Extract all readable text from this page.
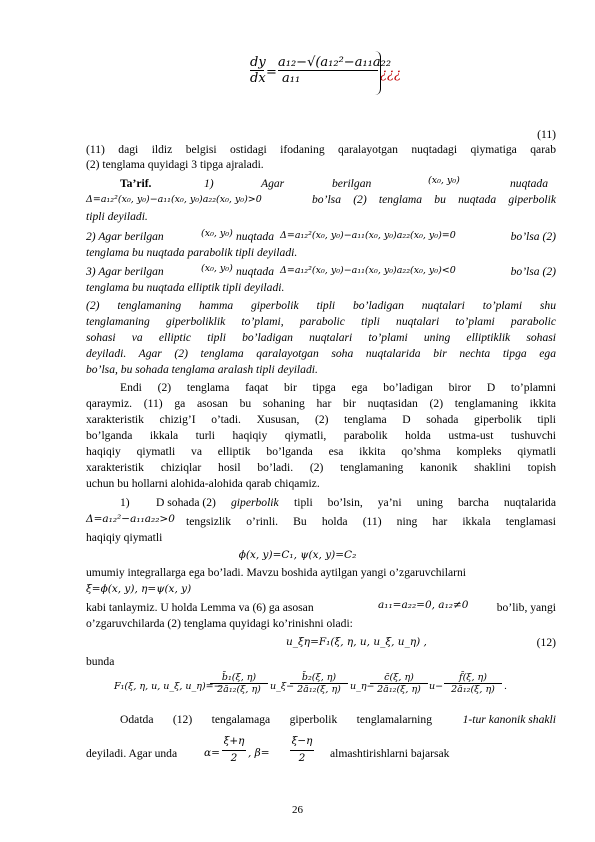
$\frac{dy}{dx} = \frac{\text{a₁₂−√(a₁₂²−a₁₁a₂₂}}{\text{a₁₁}}$ ¿¿¿
(11)
(11) dagi ildiz belgisi ostidagi ifodaning qaralayotgan nuqtadagi qiymatiga qarab
(2) tenglama quyidagi 3 tipga ajraladi.
Ta’rif.	1)	Agar	berilgan	(x₀, y₀)	nuqtada
Δ=a₁₂²(x₀, y₀)−a₁₁(x₀, y₀)a₂₂(x₀, y₀)>0	bo’lsa (2) tenglama bu nuqtada giperbolik
tipli deyiladi.
2) Agar berilgan	(x₀, y₀) nuqtada Δ=a₁₂²(x₀, y₀)−a₁₁(x₀, y₀)a₂₂(x₀, y₀)=0	bo’lsa (2)
tenglama bu nuqtada parabolik tipli deyiladi.
3) Agar berilgan	(x₀, y₀) nuqtada Δ=a₁₂²(x₀, y₀)−a₁₁(x₀, y₀)a₂₂(x₀, y₀)<0	bo’lsa (2)
tenglama bu nuqtada elliptik tipli deyiladi.
(2) tenglamaning hamma giperbolik tipli bo’ladigan nuqtalari to’plami shu
tenglamaning giperboliklik to’plami, parabolic tipli nuqtalari to’plami parabolic
sohasi va elliptic tipli bo’ladigan nuqtalari to’plami uning elliptiklik sohasi
deyiladi. Agar (2) tenglama qaralayotgan soha nuqtalarida bir nechta tipga ega
bo’lsa, bu sohada tenglama aralash tipli deyiladi.
Endi (2) tenglama faqat bir tipga ega bo’ladigan biror D to’plamni
qaraymiz. (11) ga asosan bu sohaning har bir nuqtasidan (2) tenglamaning ikkita
xarakteristik chizig’I o’tadi. Xususan, (2) tenglama D sohada giperbolik tipli
bo’lganda ikkala turli haqiqiy qiymatli, parabolik holda ustma-ust tushuvchi
haqiqiy qiymatli va elliptik bo’lganda esa ikkita qo’shma kompleks qiymatli
xarakteristik chiziqlar hosil bo’ladi. (2) tenglamaning kanonik shaklini topish
uchun bu hollarni alohida-alohida qarab chiqamiz.
1) D sohada (2) giperbolik tipli bo’lsin, ya’ni uning barcha nuqtalarida
Δ=a₁₂²−a₁₁a₂₂>0 tengsizlik o’rinli. Bu holda (11) ning har ikkala tenglamasi
haqiqiy qiymatli
ϕ(x, y)=C₁, ψ(x, y)=C₂
umumiy integrallarga ega bo’ladi. Mavzu boshida aytilgan yangi o’zgaruvchilarni
ξ=ϕ(x, y), η=ψ(x, y)
kabi tanlaymiz. U holda Lemma va (6) ga asosan	a₁₁=a₂₂=0, a₁₂≠0	bo’lib, yangi
o’zgaruvchilarda (2) tenglama quyidagi ko’rinishni oladi:
u_ξη=F₁(ξ, η, u, u_ξ, u_η) ,	(12)
bunda
F₁(ξ, η, u, u_ξ, u_η)=−
$\frac{\text{b̄₁(ξ, η)}}{\text{2ā₁₂(ξ, η)}}$ u_ξ−
$\frac{\text{b̄₂(ξ, η)}}{\text{2ā₁₂(ξ, η)}}$ u_η−
$\frac{c̄(\xi, \eta)}{\text{2ā₁₂(ξ, η)}} u- \frac{f̄(\xi, \eta)}{\text{2ā₁₂(ξ, η)}}$ .
Odatda (12) tengalamaga giperbolik tenglamalarning	1-tur kanonik shakli
deyiladi. Agar unda	$\alpha= \frac{\xi+\eta}{2}$ , $\beta= \frac{\xi-\eta}{2}$ almashtirishlarni bajarsak
26
